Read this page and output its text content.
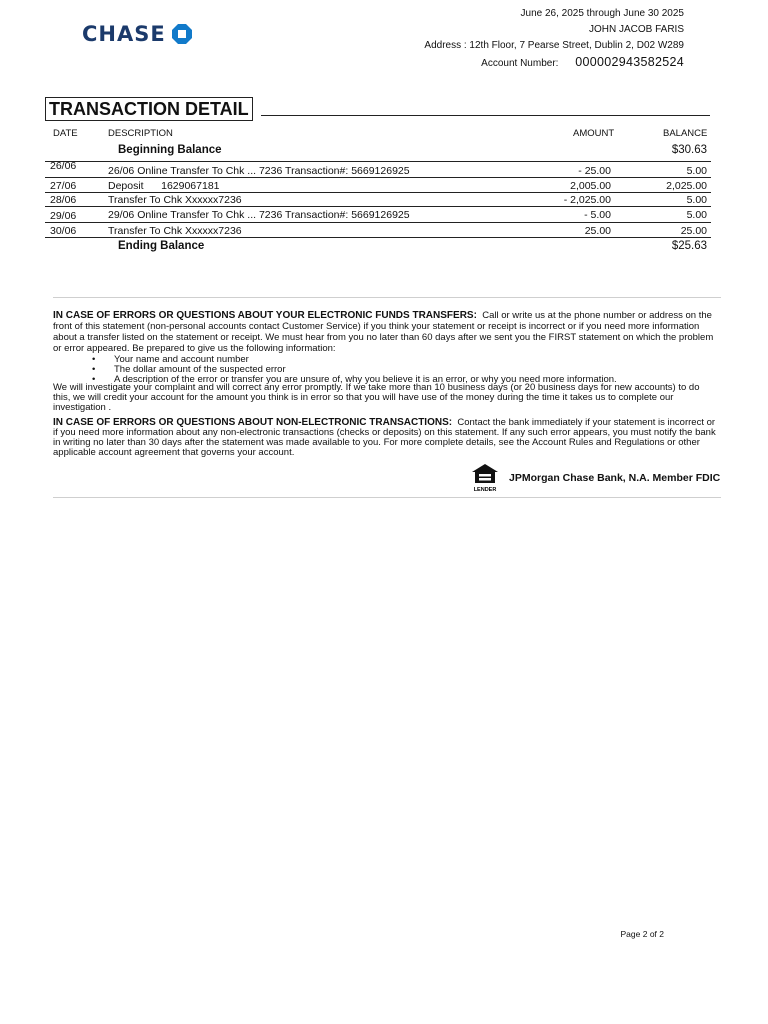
CHASE
June 26, 2025 through June 30 2025
JOHN JACOB FARIS
Address : 12th Floor, 7 Pearse Street, Dublin 2, D02 W289
Account Number: 000002943582524
TRANSACTION DETAIL
DATE	DESCRIPTION	AMOUNT	BALANCE
Beginning Balance	$30.63
26/06	26/06 Online Transfer To Chk ... 7236 Transaction#: 5669126925	- 25.00	5.00
27/06	Deposit      1629067181	2,005.00	2,025.00
28/06	Transfer To Chk Xxxxxx7236	- 2,025.00	5.00
29/06	29/06 Online Transfer To Chk ... 7236 Transaction#: 5669126925	- 5.00	5.00
30/06	Transfer To Chk Xxxxxx7236	25.00	25.00
Ending Balance	$25.63
IN CASE OF ERRORS OR QUESTIONS ABOUT YOUR ELECTRONIC FUNDS TRANSFERS: Call or write us at the phone number or address on the front of this statement (non-personal accounts contact Customer Service) if you think your statement or receipt is incorrect or if you need more information about a transfer listed on the statement or receipt. We must hear from you no later than 60 days after we sent you the FIRST statement on which the problem or error appeared. Be prepared to give us the following information:
• Your name and account number
• The dollar amount of the suspected error
• A description of the error or transfer you are unsure of, why you believe it is an error, or why you need more information.
We will investigate your complaint and will correct any error promptly. If we take more than 10 business days (or 20 business days for new accounts) to do this, we will credit your account for the amount you think is in error so that you will have use of the money during the time it takes us to complete our investigation .
IN CASE OF ERRORS OR QUESTIONS ABOUT NON-ELECTRONIC TRANSACTIONS: Contact the bank immediately if your statement is incorrect or if you need more information about any non-electronic transactions (checks or deposits) on this statement. If any such error appears, you must notify the bank in writing no later than 30 days after the statement was made available to you. For more complete details, see the Account Rules and Regulations or other applicable account agreement that governs your account.
LENDER
JPMorgan Chase Bank, N.A. Member FDIC
Page 2 of 2
